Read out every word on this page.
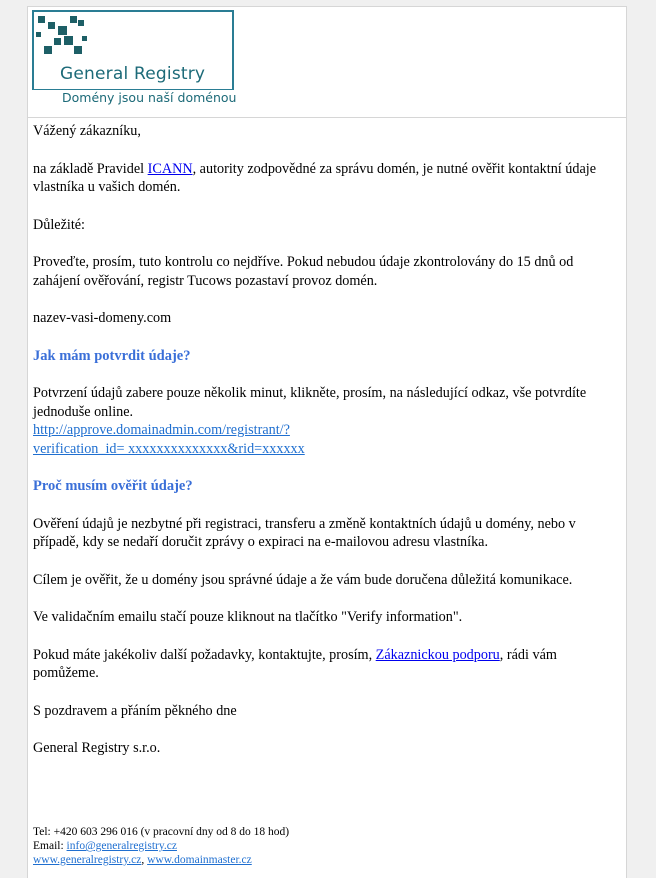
General Registry
Domény jsou naší doménou

Vážený zákazníku,

na základě Pravidel ICANN, autority zodpovědné za správu domén, je nutné ověřit kontaktní údaje vlastníka u vašich domén.

Důležité:

Proveďte, prosím, tuto kontrolu co nejdříve. Pokud nebudou údaje zkontrolovány do 15 dnů od zahájení ověřování, registr Tucows pozastaví provoz domén.

nazev-vasi-domeny.com

Jak mám potvrdit údaje?

Potvrzení údajů zabere pouze několik minut, klikněte, prosím, na následující odkaz, vše potvrdíte jednoduše online.
http://approve.domainadmin.com/registrant/?
verification_id= xxxxxxxxxxxxxx&rid=xxxxxx

Proč musím ověřit údaje?

Ověření údajů je nezbytné při registraci, transferu a změně kontaktních údajů u domény, nebo v případě, kdy se nedaří doručit zprávy o expiraci na e-mailovou adresu vlastníka.

Cílem je ověřit, že u domény jsou správné údaje a že vám bude doručena důležitá komunikace.

Ve validačním emailu stačí pouze kliknout na tlačítko "Verify information".

Pokud máte jakékoliv další požadavky, kontaktujte, prosím, Zákaznickou podporu, rádi vám pomůžeme.

S pozdravem a přáním pěkného dne

General Registry s.r.o.

Tel: +420 603 296 016 (v pracovní dny od 8 do 18 hod)
Email: info@generalregistry.cz
www.generalregistry.cz, www.domainmaster.cz
